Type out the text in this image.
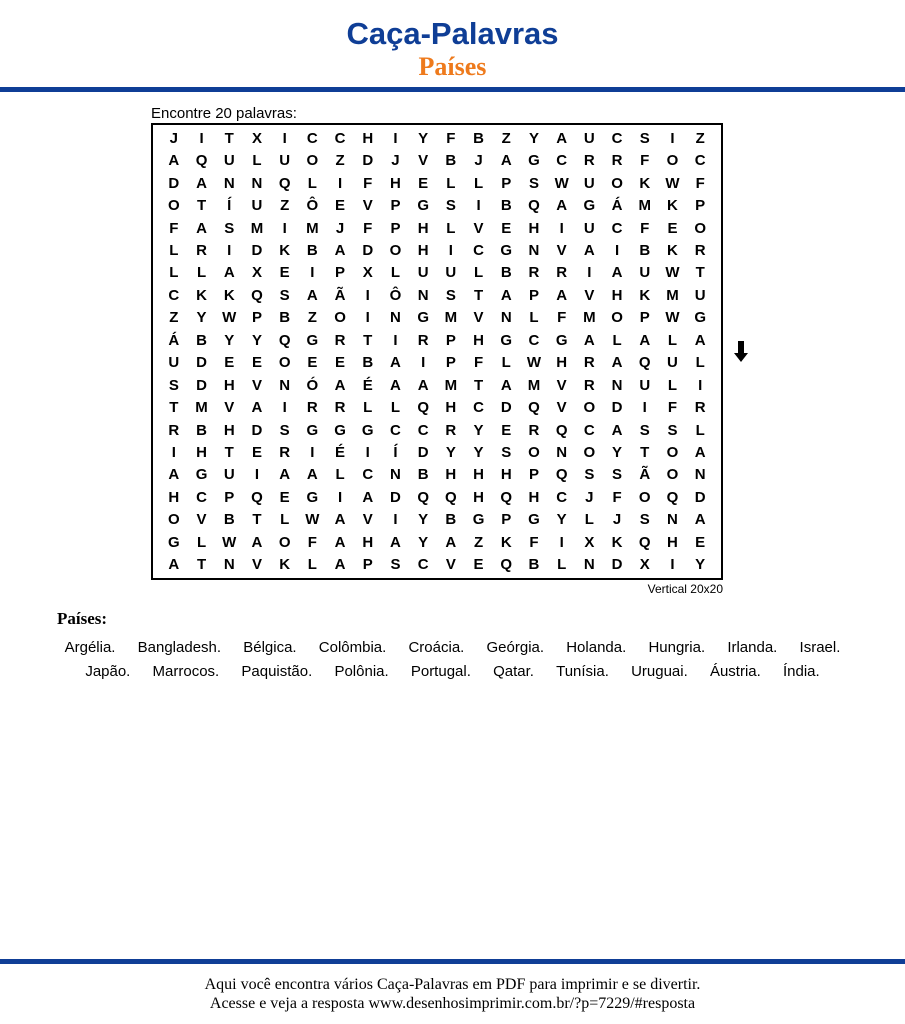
Caça-Palavras
Países
Encontre 20 palavras:
J	I	T	X	I	C	C	H	I	Y	F	B	Z	Y	A	U	C	S	I	Z
A	Q	U	L	U	O	Z	D	J	V	B	J	A	G	C	R	R	F	O	C
D	A	N	N	Q	L	I	F	H	E	L	L	P	S	W	U	O	K	W	F
O	T	Í	U	Z	Ô	E	V	P	G	S	I	B	Q	A	G	Á	M	K	P
F	A	S	M	I	M	J	F	P	H	L	V	E	H	I	U	C	F	E	O
L	R	I	D	K	B	A	D	O	H	I	C	G	N	V	A	I	B	K	R
L	L	A	X	E	I	P	X	L	U	U	L	B	R	R	I	A	U	W	T
C	K	K	Q	S	A	Ã	I	Ô	N	S	T	A	P	A	V	H	K	M	U
Z	Y	W	P	B	Z	O	I	N	G	M	V	N	L	F	M	O	P	W G
Á	B	Y	Y	Q	G	R	T	I	R	P	H	G	C	G	A	L	A	L	A
U	D	E	E	O	E	E	B	A	I	P	F	L	W	H	R	A	Q	U	L
S	D	H	V	N	Ó	A	É	A	A	M	T	A	M	V	R	N	U	L	I
T	M	V	A	I	R	R	L	L	Q	H	C	D	Q	V	O	D	I	F	R
R	B	H	D	S	G	G	G	C	C	R	Y	E	R	Q	C	A	S	S	L
I	H	T	E	R	I	É	I	Í	D	Y	Y	S	O	N	O	Y	T	O	A
A	G	U	I	A	A	L	C	N	B	H	H	H	P	Q	S	S	Ã	O	N
H	C	P	Q	E	G	I	A	D	Q	Q	H	Q	H	C	J	F	O	Q	D
O	V	B	T	L	W	A	V	I	Y	B	G	P	G	Y	L	J	S	N	A
G	L	W	A	O	F	A	H	A	Y	A	Z	K	F	I	X	K	Q	H	E
A	T	N	V	K	L	A	P	S	C	V	E	Q	B	L	N	D	X	I	Y
Vertical 20x20
Países:
Argélia. Bangladesh. Bélgica. Colômbia. Croácia. Geórgia. Holanda. Hungria. Irlanda. Israel. Japão. Marrocos. Paquistão. Polônia. Portugal. Qatar. Tunísia. Uruguai. Áustria. Índia.
Aqui você encontra vários Caça-Palavras em PDF para imprimir e se divertir.
Acesse e veja a resposta www.desenhosimprimir.com.br/?p=7229/#resposta
